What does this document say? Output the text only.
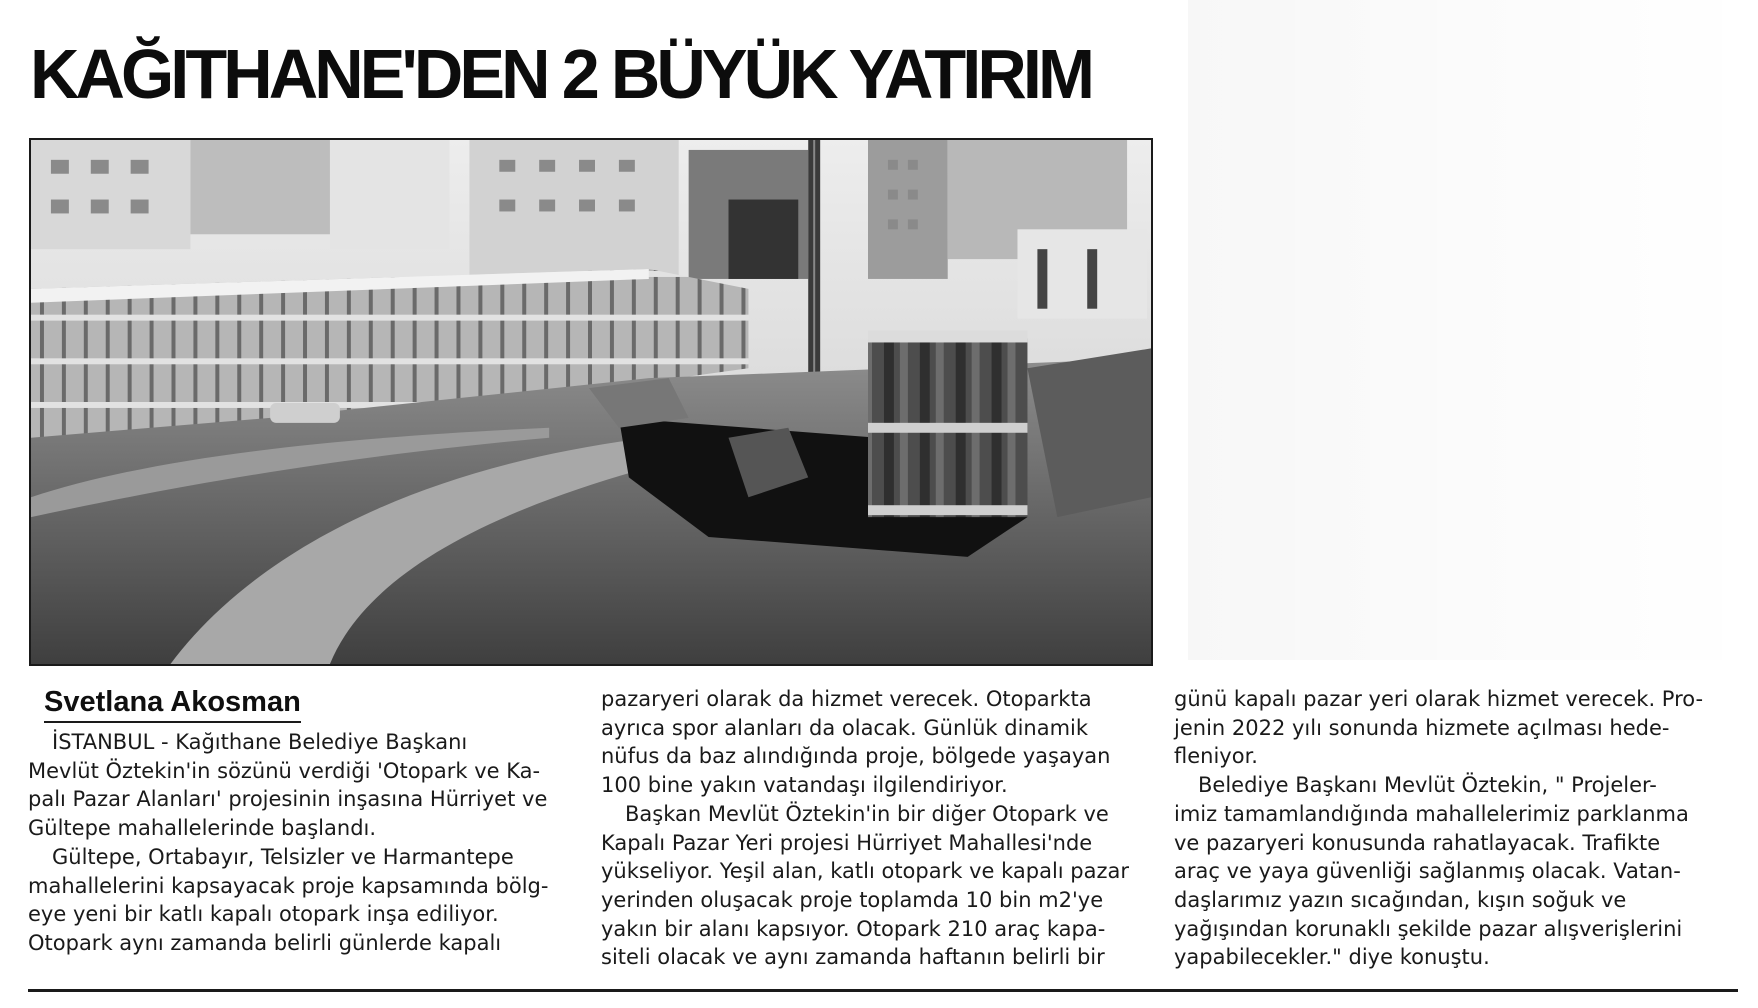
KAĞITHANE'DEN 2 BÜYÜK YATIRIM
Svetlana Akosman
İSTANBUL - Kağıthane Belediye Başkanı
Mevlüt Öztekin'in sözünü verdiği 'Otopark ve Ka-
palı Pazar Alanları' projesinin inşasına Hürriyet ve
Gültepe mahallelerinde başlandı.
Gültepe, Ortabayır, Telsizler ve Harmantepe
mahallelerini kapsayacak proje kapsamında bölg-
eye yeni bir katlı kapalı otopark inşa ediliyor.
Otopark aynı zamanda belirli günlerde kapalı
pazaryeri olarak da hizmet verecek. Otoparkta
ayrıca spor alanları da olacak. Günlük dinamik
nüfus da baz alındığında proje, bölgede yaşayan
100 bine yakın vatandaşı ilgilendiriyor.
Başkan Mevlüt Öztekin'in bir diğer Otopark ve
Kapalı Pazar Yeri projesi Hürriyet Mahallesi'nde
yükseliyor. Yeşil alan, katlı otopark ve kapalı pazar
yerinden oluşacak proje toplamda 10 bin m2'ye
yakın bir alanı kapsıyor. Otopark 210 araç kapa-
siteli olacak ve aynı zamanda haftanın belirli bir
günü kapalı pazar yeri olarak hizmet verecek. Pro-
jenin 2022 yılı sonunda hizmete açılması hede-
fleniyor.
Belediye Başkanı Mevlüt Öztekin, " Projeler-
imiz tamamlandığında mahallelerimiz parklanma
ve pazaryeri konusunda rahatlayacak. Trafikte
araç ve yaya güvenliği sağlanmış olacak. Vatan-
daşlarımız yazın sıcağından, kışın soğuk ve
yağışından korunaklı şekilde pazar alışverişlerini
yapabilecekler." diye konuştu.
